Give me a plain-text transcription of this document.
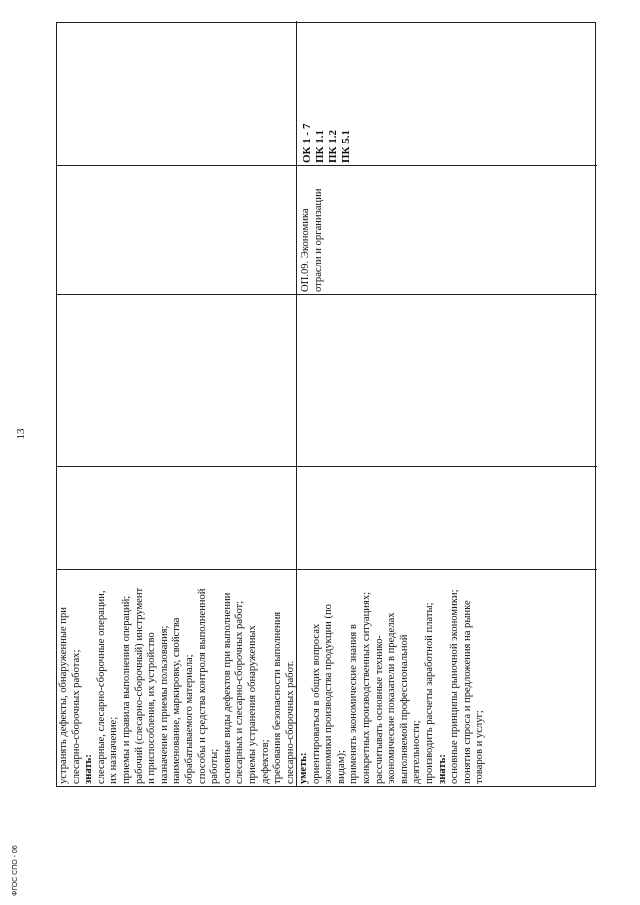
13
устранять дефекты, обнаруженные при слесарно-сборочных работах; знать: слесарные, слесарно-сборочные операции, их назначение; приемы и правила выполнения операций; рабочий (слесарно-сборочный) инструмент и приспособления, их устройство назначение и приемы пользования; наименование, маркировку, свойства обрабатываемого материала; способы и средства контроля выполненной работы; основные виды дефектов при выполнении слесарных и слесарно-сборочных работ; приемы устранения обнаруженных дефектов; требования безопасности выполнения слесарно-сборочных работ. уметь: ориентироваться в общих вопросах экономики производства продукции (по видам); применять экономические знания в конкретных производственных ситуациях; рассчитывать основные технико- экономические показатели в пределах выполняемой профессиональной деятельности; производить расчеты заработной платы; знать: основные принципы рыночной экономики; понятия спроса и предложения на рынке товаров и услуг;
ОП.09. Экономика отрасли и организации
ОК 1 - 7 ПК 1.1 ПК 1.2 ПК 5.1
ФГОС СПО - 06
